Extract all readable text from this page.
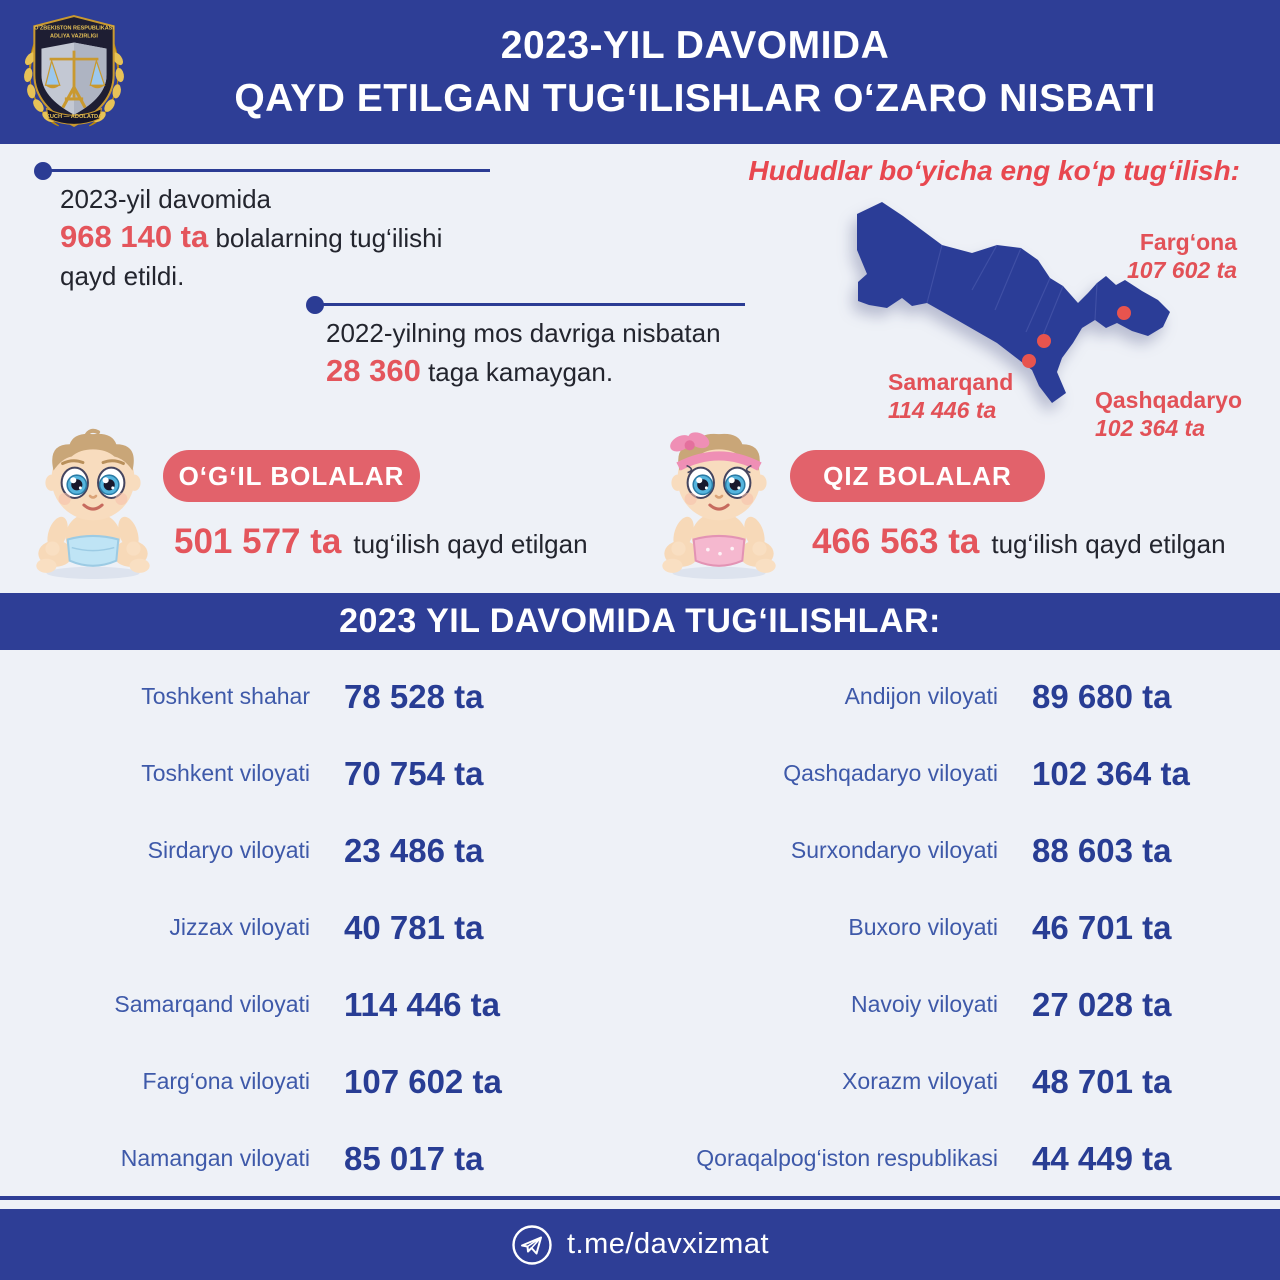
O‘ZBEKISTON RESPUBLIKASI
ADLIYA VAZIRLIGI
KUCH — ADOLATDA
2023-YIL DAVOMIDA
QAYD ETILGAN TUG‘ILISHLAR O‘ZARO NISBATI
2023-yil davomida
968 140 ta bolalarning tug‘ilishi
qayd etildi.
2022-yilning mos davriga nisbatan
28 360 taga kamaygan.
Hududlar bo‘yicha eng ko‘p tug‘ilish:
Farg‘ona
107 602 ta
Samarqand
114 446 ta	Qashqadaryo
102 364 ta
O‘G‘IL BOLALAR
501 577 ta tug‘ilish qayd etilgan
QIZ BOLALAR
466 563 ta tug‘ilish qayd etilgan
2023 YIL DAVOMIDA TUG‘ILISHLAR:
Toshkent shahar 78 528 ta
Toshkent viloyati 70 754 ta
Sirdaryo viloyati 23 486 ta
Jizzax viloyati 40 781 ta
Samarqand viloyati 114 446 ta
Farg‘ona viloyati 107 602 ta
Namangan viloyati 85 017 ta
Andijon viloyati 89 680 ta
Qashqadaryo viloyati 102 364 ta
Surxondaryo viloyati 88 603 ta
Buxoro viloyati 46 701 ta
Navoiy viloyati 27 028 ta
Xorazm viloyati 48 701 ta
Qoraqalpog‘iston respublikasi 44 449 ta
t.me/davxizmat
